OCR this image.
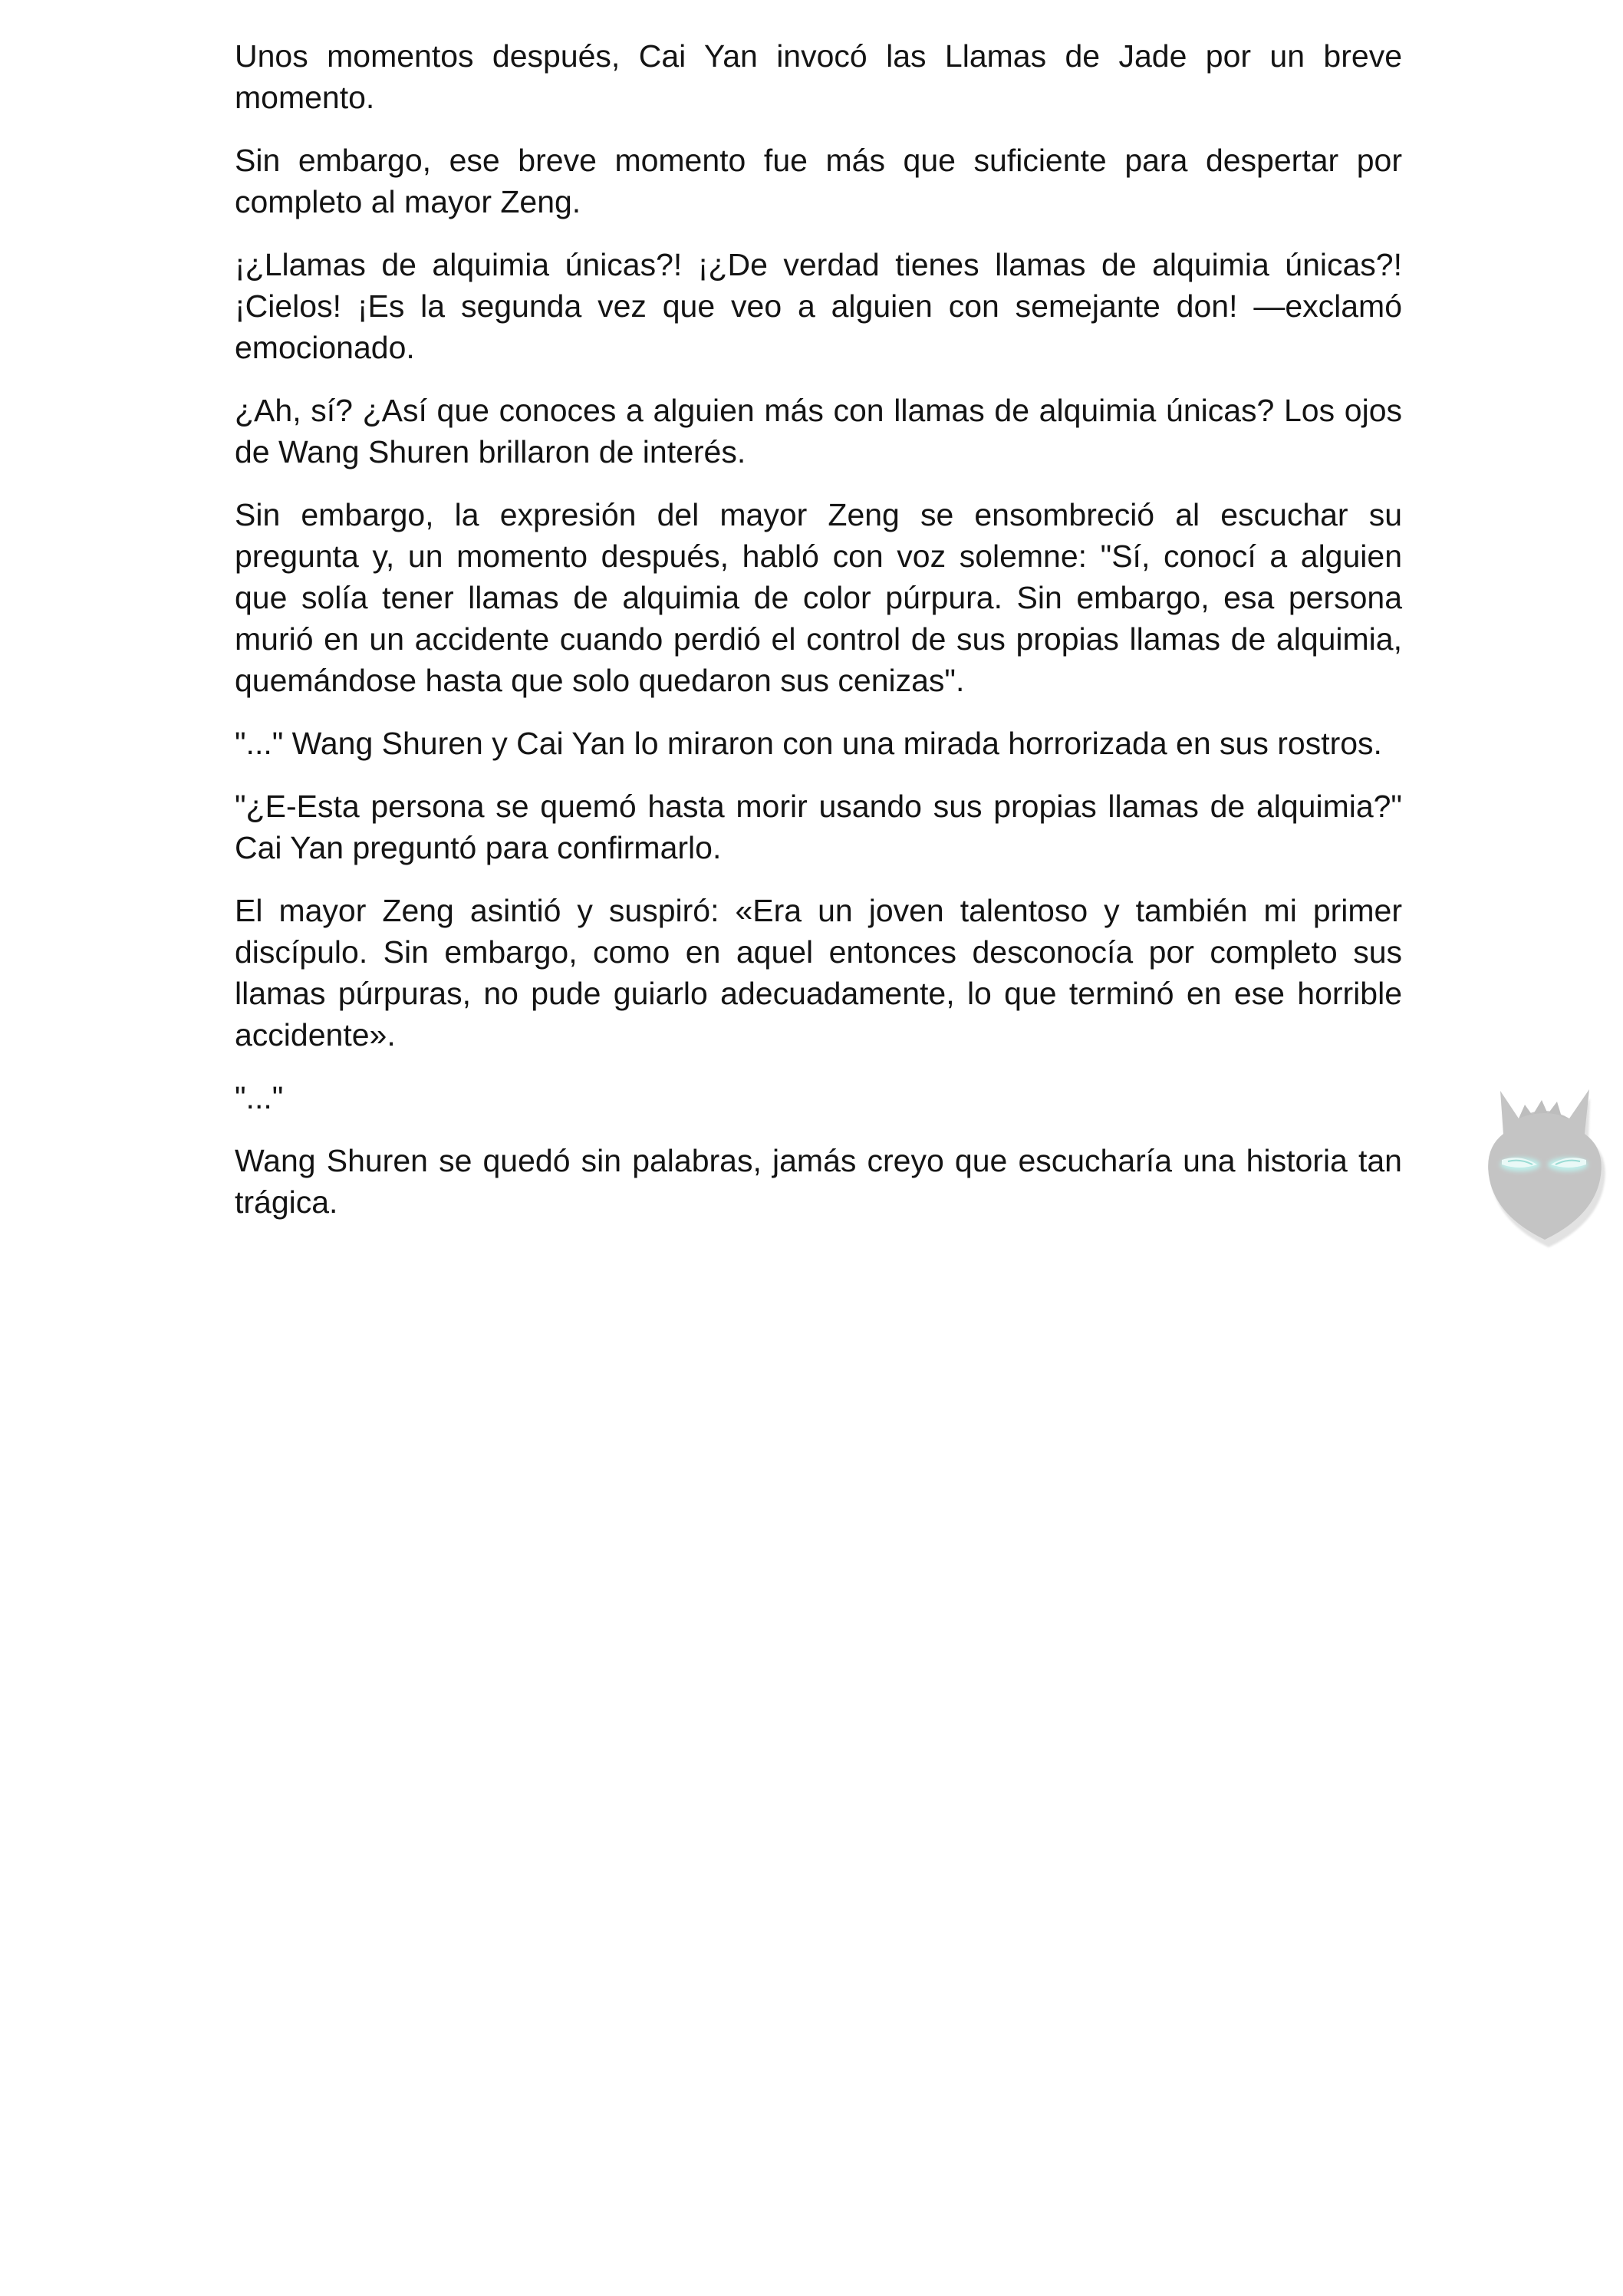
Unos momentos después, Cai Yan invocó las Llamas de Jade por un breve momento.

Sin embargo, ese breve momento fue más que suficiente para despertar por completo al mayor Zeng.

¡¿Llamas de alquimia únicas?! ¡¿De verdad tienes llamas de alquimia únicas?! ¡Cielos! ¡Es la segunda vez que veo a alguien con semejante don! —exclamó emocionado.

¿Ah, sí? ¿Así que conoces a alguien más con llamas de alquimia únicas? Los ojos de Wang Shuren brillaron de interés.

Sin embargo, la expresión del mayor Zeng se ensombreció al escuchar su pregunta y, un momento después, habló con voz solemne: "Sí, conocí a alguien que solía tener llamas de alquimia de color púrpura. Sin embargo, esa persona murió en un accidente cuando perdió el control de sus propias llamas de alquimia, quemándose hasta que solo quedaron sus cenizas".

"..." Wang Shuren y Cai Yan lo miraron con una mirada horrorizada en sus rostros.

"¿E-Esta persona se quemó hasta morir usando sus propias llamas de alquimia?" Cai Yan preguntó para confirmarlo.

El mayor Zeng asintió y suspiró: «Era un joven talentoso y también mi primer discípulo. Sin embargo, como en aquel entonces desconocía por completo sus llamas púrpuras, no pude guiarlo adecuadamente, lo que terminó en ese horrible accidente».

"..."

Wang Shuren se quedó sin palabras, jamás creyo que escucharía una historia tan trágica.
